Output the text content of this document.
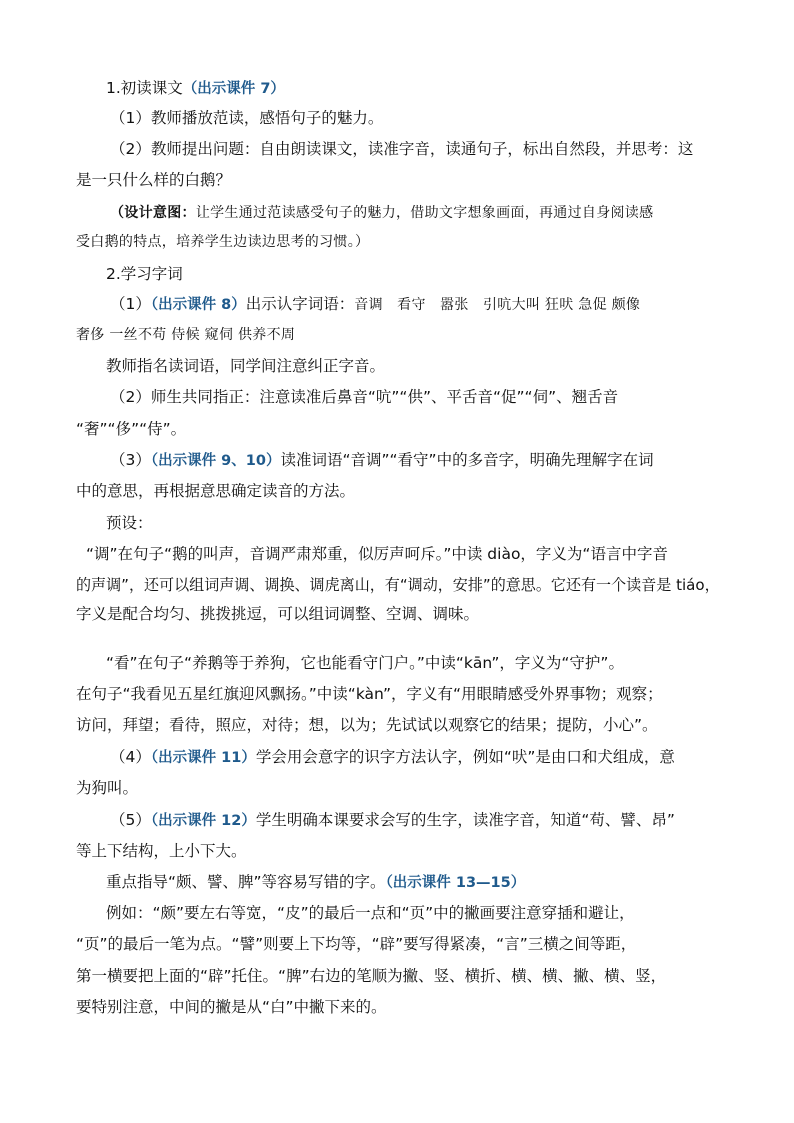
1.初读课文（出示课件 7）
（1）教师播放范读，感悟句子的魅力。
（2）教师提出问题：自由朗读课文，读准字音，读通句子，标出自然段，并思考：这
是一只什么样的白鹅？
（设计意图：让学生通过范读感受句子的魅力，借助文字想象画面，再通过自身阅读感
受白鹅的特点，培养学生边读边思考的习惯。）
2.学习字词
（1）（出示课件 8）出示认字词语：音调　看守　嚣张　引吭大叫 狂吠 急促 颇像
奢侈 一丝不苟 侍候 窥伺 供养不周
教师指名读词语，同学间注意纠正字音。
（2）师生共同指正：注意读准后鼻音“吭”“供”、平舌音“促”“伺”、翘舌音
“奢”“侈”“侍”。
（3）（出示课件 9、10）读准词语“音调”“看守”中的多音字，明确先理解字在词
中的意思，再根据意思确定读音的方法。
预设：
“调”在句子“鹅的叫声，音调严肃郑重，似厉声呵斥。”中读 diào，字义为“语言中字音
的声调”，还可以组词声调、调换、调虎离山，有“调动，安排”的意思。它还有一个读音是 tiáo，
字义是配合均匀、挑拨挑逗，可以组词调整、空调、调味。
“看”在句子“养鹅等于养狗，它也能看守门户。”中读“kān”，字义为“守护”。
在句子“我看见五星红旗迎风飘扬。”中读“kàn”，字义有“用眼睛感受外界事物；观察；
访问，拜望；看待，照应，对待；想，以为；先试试以观察它的结果；提防，小心”。
（4）（出示课件 11）学会用会意字的识字方法认字，例如“吠”是由口和犬组成，意
为狗叫。
（5）（出示课件 12）学生明确本课要求会写的生字，读准字音，知道“苟、譬、昂”
等上下结构，上小下大。
重点指导“颇、譬、脾”等容易写错的字。（出示课件 13—15）
例如：“颇”要左右等宽，“皮”的最后一点和“页”中的撇画要注意穿插和避让，
“页”的最后一笔为点。“譬”则要上下均等，“辟”要写得紧凑，“言”三横之间等距，
第一横要把上面的“辟”托住。“脾”右边的笔顺为撇、竖、横折、横、横、撇、横、竖，
要特别注意，中间的撇是从“白”中撇下来的。
